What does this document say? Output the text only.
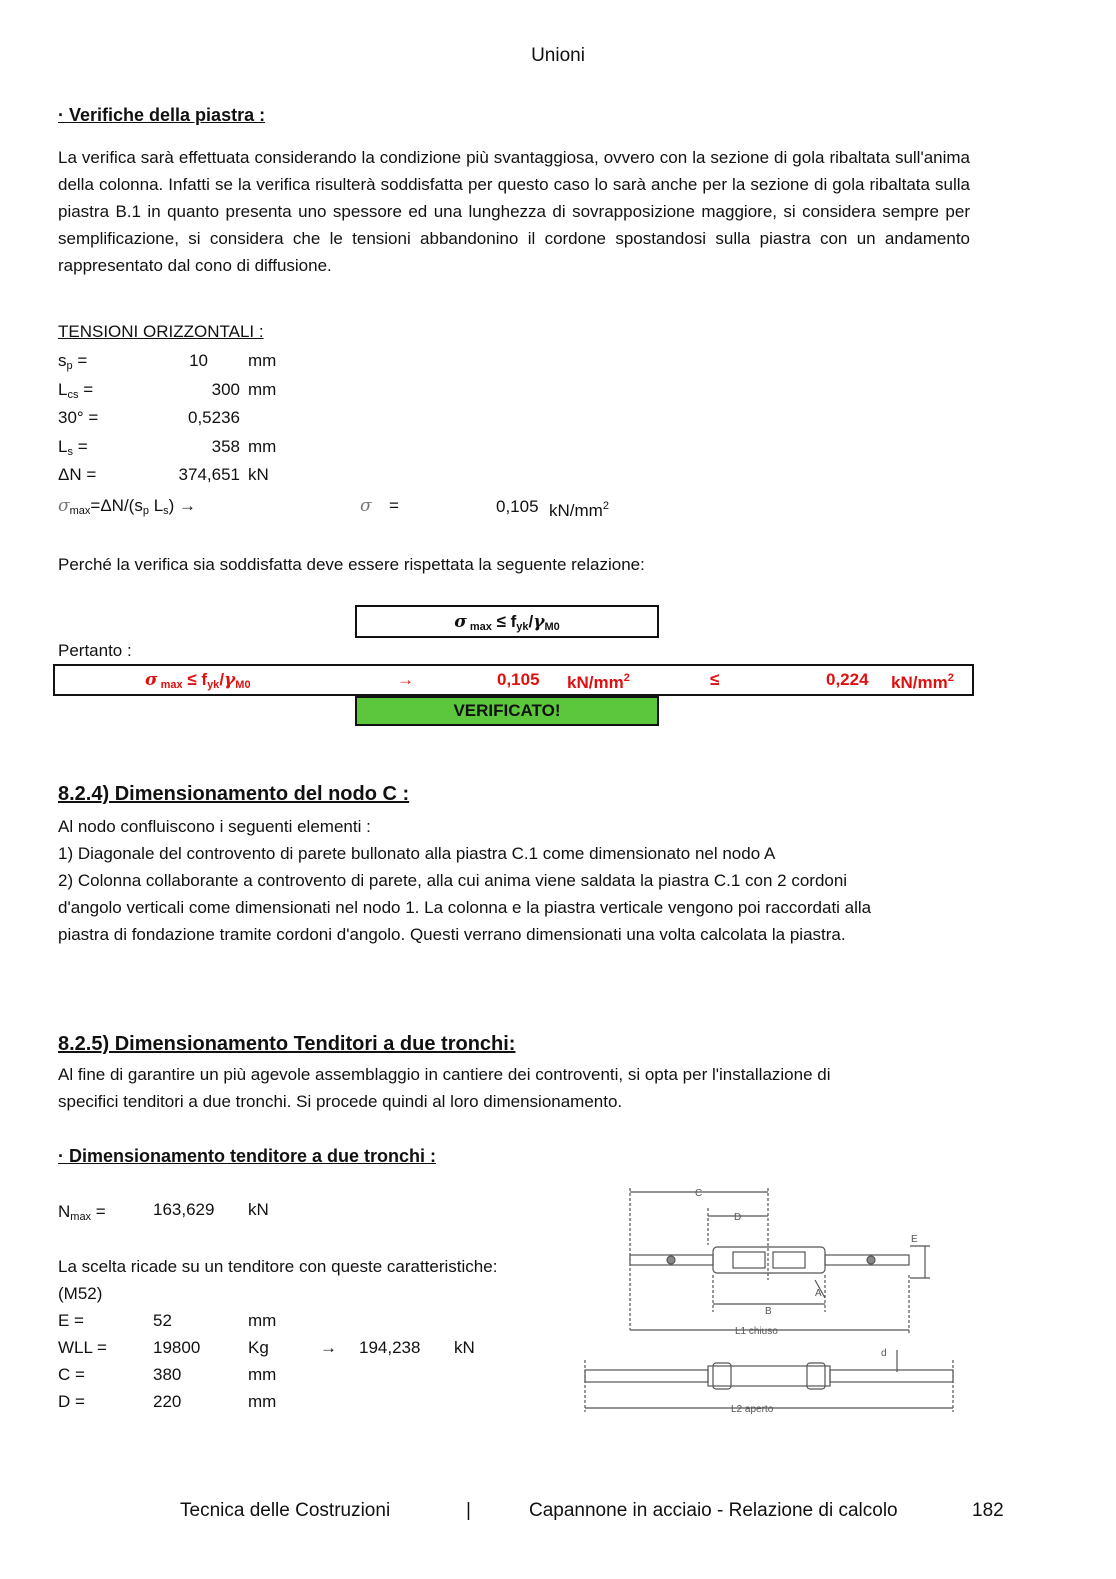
Unioni
· Verifiche della piastra :
La verifica sarà effettuata considerando la condizione più svantaggiosa, ovvero con la sezione di gola ribaltata sull'anima della colonna. Infatti se la verifica risulterà soddisfatta per questo caso lo sarà anche per la sezione di gola ribaltata sulla piastra B.1 in quanto presenta uno spessore ed una lunghezza di sovrapposizione maggiore, si considera sempre per semplificazione, si considera che le tensioni abbandonino il cordone spostandosi sulla piastra con un andamento rappresentato dal cono di diffusione.
TENSIONI ORIZZONTALI :
$s_p$ =	10 mm
$L_{cs}$ =	300 mm
30° =	0,5236
$L_s$ =	358 mm
ΔN =	374,651 kN
$\sigma_{max}=\Delta N/(s_p$ $L_s$) →	σ =	0,105 $kN/mm^2$
Perché la verifica sia soddisfatta deve essere rispettata la seguente relazione:
σ $_{max} \le f_{yk}/\gamma_{M0}$
Pertanto :
σ $_{max} \le f_{yk}/\gamma_{M0}$	→	0,105 $kN/mm^2$	≤	0,224 $kN/mm^2$
VERIFICATO!
8.2.4) Dimensionamento del nodo C :
Al nodo confluiscono i seguenti elementi :
1) Diagonale del controvento di parete bullonato alla piastra C.1 come dimensionato nel nodo A
2) Colonna collaborante a controvento di parete, alla cui anima viene saldata la piastra C.1 con 2 cordoni
d'angolo verticali come dimensionati nel nodo 1. La colonna e la piastra verticale vengono poi raccordati alla
piastra di fondazione tramite cordoni d'angolo. Questi verrano dimensionati una volta calcolata la piastra.
8.2.5) Dimensionamento Tenditori a due tronchi:
Al fine di garantire un più agevole assemblaggio in cantiere dei controventi, si opta per l'installazione di
specifici tenditori a due tronchi. Si procede quindi al loro dimensionamento.
· Dimensionamento tenditore a due tronchi :
$N_{max}$ =	163,629 kN
La scelta ricade su un tenditore con queste caratteristiche:
(M52)
E =	52	mm
WLL =	19800	Kg	→ 194,238 kN
C =	380	mm
D =	220	mm
C
D
E
B
A
L1 chiuso
d
L2 aperto
Tecnica delle Costruzioni	|	Capannone in acciaio - Relazione di calcolo	182
